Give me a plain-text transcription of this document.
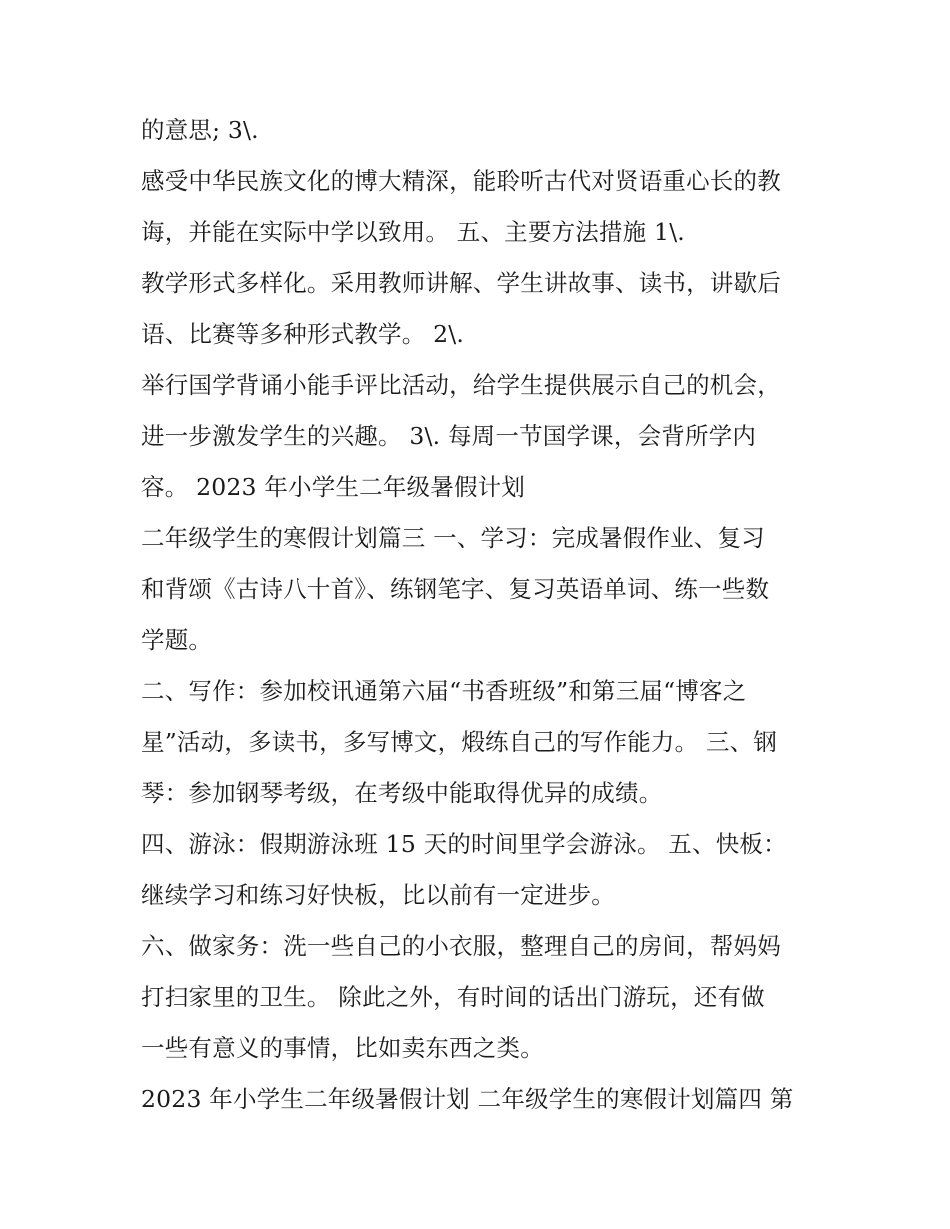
的意思; 3\.
感受中华民族文化的博大精深，能聆听古代对贤语重心长的教
诲，并能在实际中学以致用。 五、主要方法措施 1\.
教学形式多样化。采用教师讲解、学生讲故事、读书，讲歇后
语、比赛等多种形式教学。 2\.
举行国学背诵小能手评比活动，给学生提供展示自己的机会，
进一步激发学生的兴趣。 3\. 每周一节国学课，会背所学内
容。 2023 年小学生二年级暑假计划
二年级学生的寒假计划篇三 一、学习：完成暑假作业、复习
和背颂《古诗八十首》、练钢笔字、复习英语单词、练一些数
学题。
二、写作：参加校讯通第六届“书香班级”和第三届“博客之
星”活动，多读书，多写博文，煅练自己的写作能力。 三、钢
琴：参加钢琴考级，在考级中能取得优异的成绩。
四、游泳：假期游泳班 15 天的时间里学会游泳。 五、快板：
继续学习和练习好快板，比以前有一定进步。
六、做家务：洗一些自己的小衣服，整理自己的房间，帮妈妈
打扫家里的卫生。 除此之外，有时间的话出门游玩，还有做
一些有意义的事情，比如卖东西之类。
2023 年小学生二年级暑假计划 二年级学生的寒假计划篇四 第
